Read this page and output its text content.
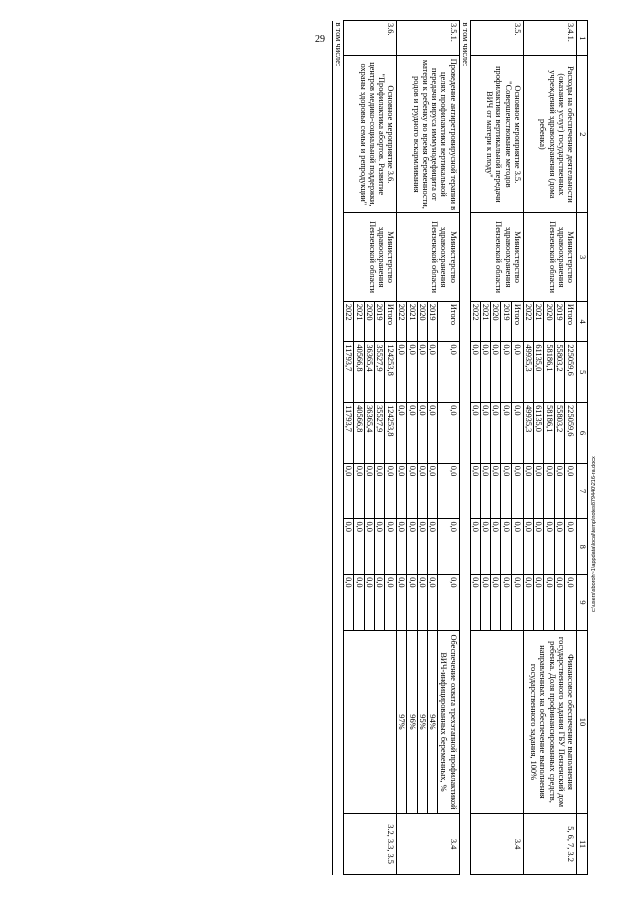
29	1	2	3	4	5	6	7	8	9	10	11
3.4.1.	Расходы на обеспечение деятельности (оказание услуг) государственных учреждений здравоохранения (дома ребенка)	Министерство здравоохранения Пензенской области	Итого	225059,6	225059,6	0,0	0,0	0,0	Финансовое обеспечение выполнения государственного задания ГБУ Пензенский дом ребенка. Доля профинансированных средств, направленных на обеспечение выполнения государственного задания, 100%	5, 6, 7, 3.2
			2019	55803,2	55803,2	0,0	0,0	0,0		
			2020	58186,1	58186,1	0,0	0,0	0,0		
			2021	61135,0	61135,0	0,0	0,0	0,0		
			2022	49935,3	49935,3	0,0	0,0	0,0		
3.5.	Основное мероприятие 3.5. "Совершенствование методов профилактики вертикальной передачи ВИЧ от матери к плоду"	Министерство здравоохранения Пензенской области	Итого	0,0	0,0	0,0	0,0	0,0		3.4
			2019	0,0	0,0	0,0	0,0	0,0		
			2020	0,0	0,0	0,0	0,0	0,0		
			2021	0,0	0,0	0,0	0,0	0,0		
			2022	0,0	0,0	0,0	0,0	0,0		
в том числе:										
3.5.1.	Проведение антиретровирусной терапии в целях профилактики вертикальной передачи вируса иммунодефицита от матери к ребенку во время беременности, родов и грудного вскармливания	Министерство здравоохранения Пензенской области	Итого	0,0	0,0	0,0	0,0	0,0	Обеспечение охвата трехэтапной профилактикой ВИЧ-инфицированных беременных, %	3.4
			2019	0,0	0,0	0,0	0,0	0,0	94%	
			2020	0,0	0,0	0,0	0,0	0,0	95%	
			2021	0,0	0,0	0,0	0,0	0,0	96%	
			2022	0,0	0,0	0,0	0,0	0,0	97%	
3.6.	Основное мероприятие 3.6. "Профилактика абортов. Развитие центров медико-социальной поддержки, охраны здоровья семьи и репродукции"	Министерство здравоохранения Пензенской области	Итого	124253,8	124253,8	0,0	0,0	0,0		3.2, 3.3, 3.5
			2019	35527,9	35527,9	0,0	0,0	0,0		
			2020	36365,4	36365,4	0,0	0,0	0,0		
			2021	40566,8	40566,8	0,0	0,0	0,0		
			2022	11793,7	11793,7	0,0	0,0	0,0		
в том числе:										
c:\users\sboroh~1\appdata\local\temp\notes879440\216-ra.docx
